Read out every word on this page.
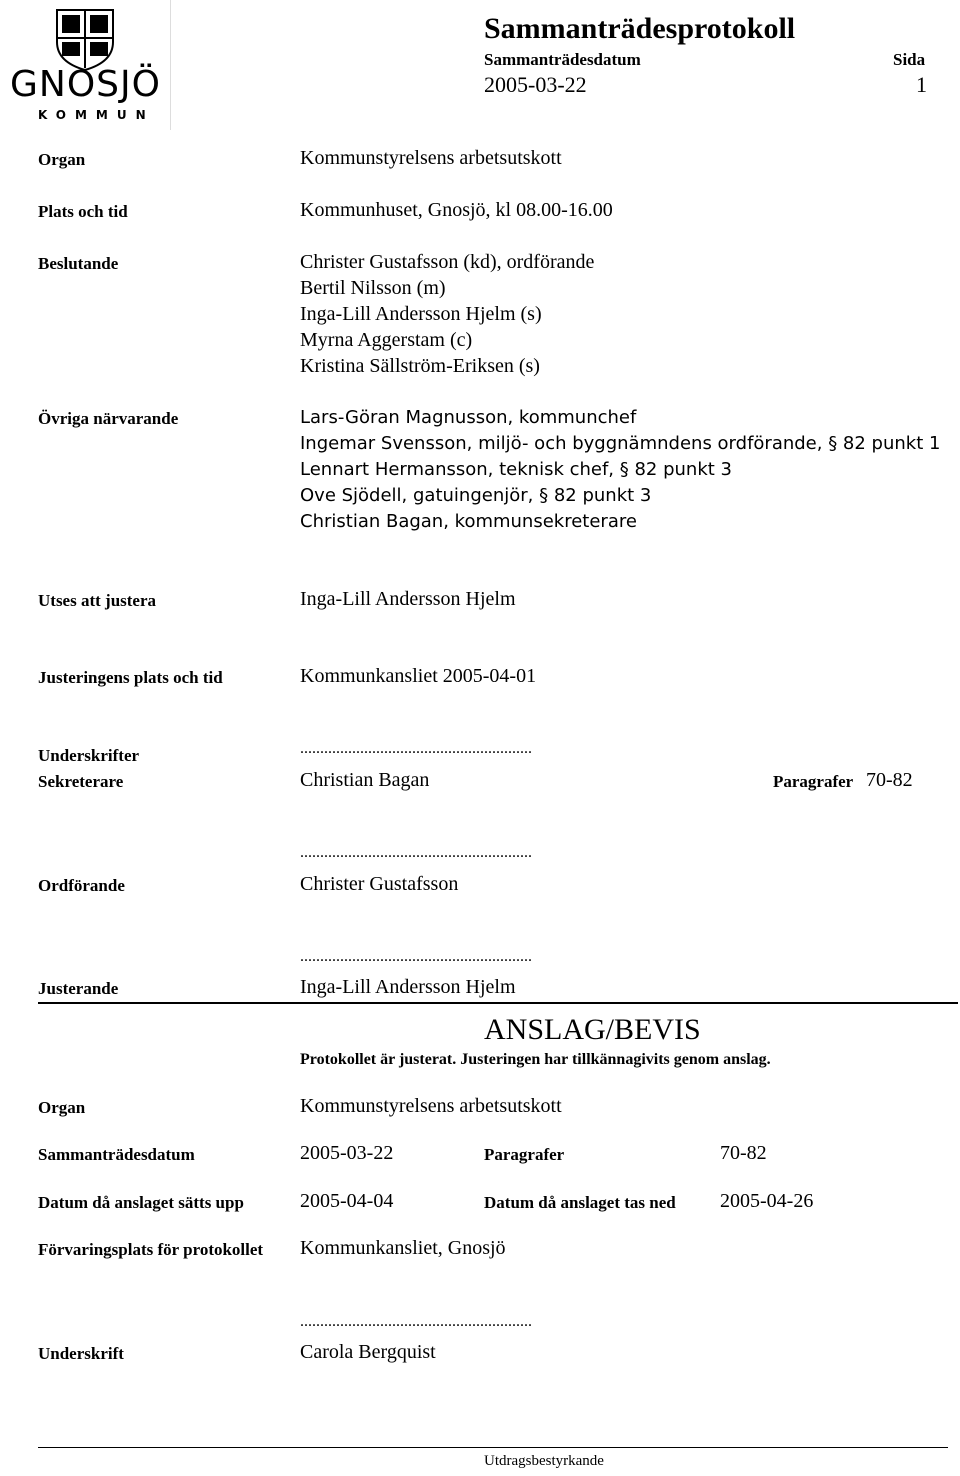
GNOSJÖ
KOMMUN
Sammanträdesprotokoll
Sammanträdesdatum	Sida
2005-03-22	1
Organ	Kommunstyrelsens arbetsutskott
Plats och tid	Kommunhuset, Gnosjö, kl 08.00-16.00
Beslutande	Christer Gustafsson (kd), ordförande
Bertil Nilsson (m)
Inga-Lill Andersson Hjelm (s)
Myrna Aggerstam (c)
Kristina Sällström-Eriksen (s)
Övriga närvarande	Lars-Göran Magnusson, kommunchef
Ingemar Svensson, miljö- och byggnämndens ordförande, § 82 punkt 1
Lennart Hermansson, teknisk chef, § 82 punkt 3
Ove Sjödell, gatuingenjör, § 82 punkt 3
Christian Bagan, kommunsekreterare
Utses att justera	Inga-Lill Andersson Hjelm
Justeringens plats och tid	Kommunkansliet 2005-04-01
Underskrifter	..........................................................
Sekreterare	Christian Bagan	Paragrafer 70-82
..........................................................
Ordförande	Christer Gustafsson
..........................................................
Justerande	Inga-Lill Andersson Hjelm
ANSLAG/BEVIS
Protokollet är justerat. Justeringen har tillkännagivits genom anslag.
Organ	Kommunstyrelsens arbetsutskott
Sammanträdesdatum	2005-03-22	Paragrafer	70-82
Datum då anslaget sätts upp	2005-04-04	Datum då anslaget tas ned 2005-04-26
Förvaringsplats för protokollet Kommunkansliet, Gnosjö
..........................................................
Underskrift	Carola Bergquist
Utdragsbestyrkande
